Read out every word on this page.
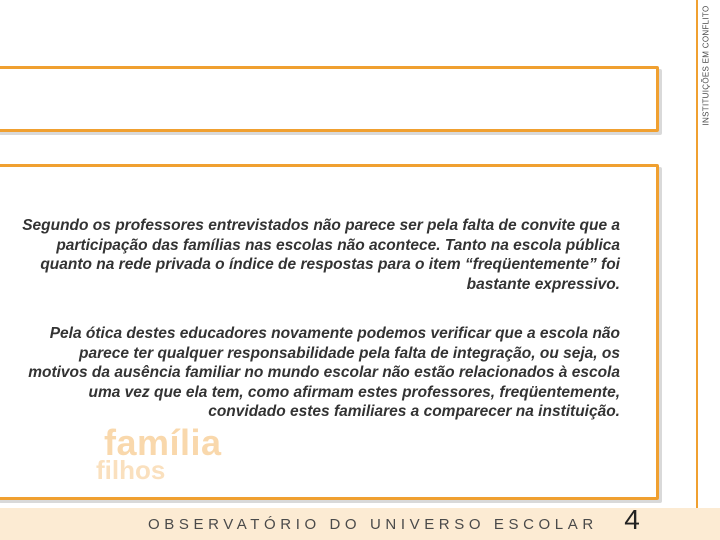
INSTITUIÇÕES EM CONFLITO
família
filhos

Segundo os professores entrevistados não parece ser pela falta de convite que a participação das famílias nas escolas não acontece. Tanto na escola pública quanto na rede privada o índice de respostas para o item “freqüentemente” foi bastante expressivo.

Pela ótica destes educadores novamente podemos verificar que a escola não parece ter qualquer responsabilidade pela falta de integração, ou seja, os motivos da ausência familiar no mundo escolar não estão relacionados à escola uma vez que ela tem, como afirmam estes professores, freqüentemente, convidado estes familiares a comparecer na instituição.

OBSERVATÓRIO DO UNIVERSO ESCOLAR 4
